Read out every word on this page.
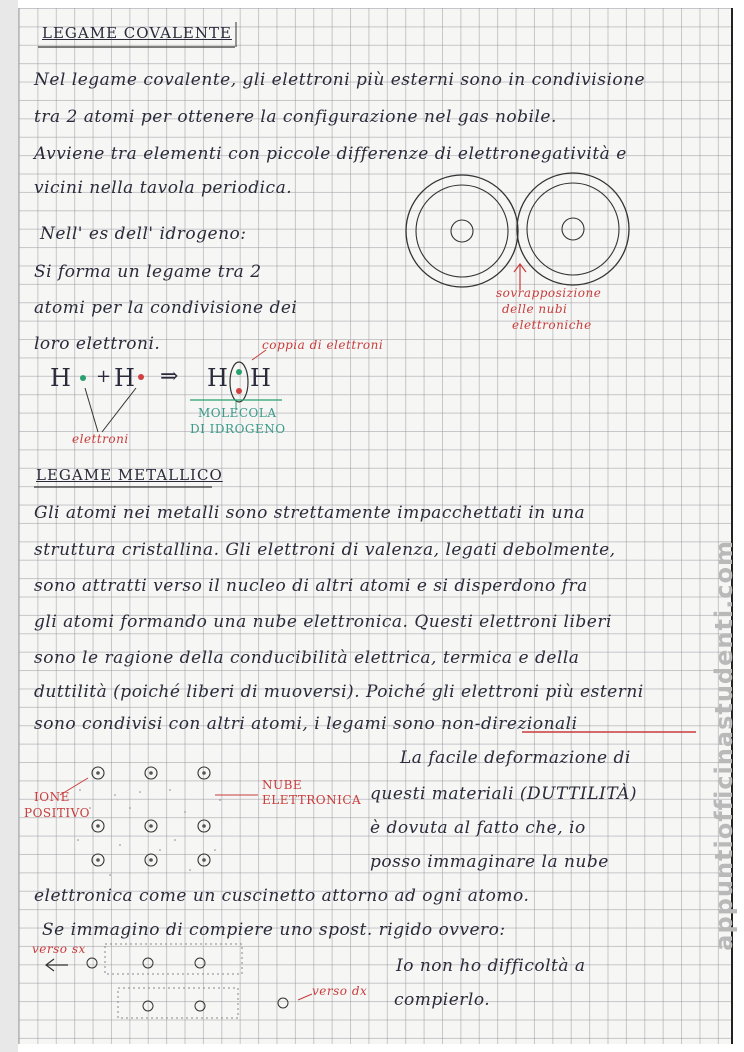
LEGAME COVALENTE
Nel legame covalente, gli elettroni più esterni sono in condivisione
tra 2 atomi per ottenere la configurazione nel gas nobile.
Avviene tra elementi con piccole differenze di elettronegatività e
vicini nella tavola periodica.
Nell' es dell' idrogeno:
Si forma un legame tra 2
atomi per la condivisione dei
loro elettroni.
sovrapposizione
delle nubi
elettroniche
H + H ⇒ H H
coppia di elettroni
MOLECOLA
DI IDROGENO
elettroni
LEGAME METALLICO
Gli atomi nei metalli sono strettamente impacchettati in una
struttura cristallina. Gli elettroni di valenza, legati debolmente,
sono attratti verso il nucleo di altri atomi e si disperdono fra
gli atomi formando una nube elettronica. Questi elettroni liberi
sono le ragione della conducibilità elettrica, termica e della
duttilità (poiché liberi di muoversi). Poiché gli elettroni più esterni
sono condivisi con altri atomi, i legami sono non-direzionali
IONE
POSITIVO
NUBE
ELETTRONICA
La facile deformazione di
questi materiali (DUTTILITÀ)
è dovuta al fatto che, io
posso immaginare la nube
elettronica come un cuscinetto attorno ad ogni atomo.
Se immagino di compiere uno spost. rigido ovvero:
verso sx
verso dx
Io non ho difficoltà a
compierlo.
appuntiofficinastudenti.com
